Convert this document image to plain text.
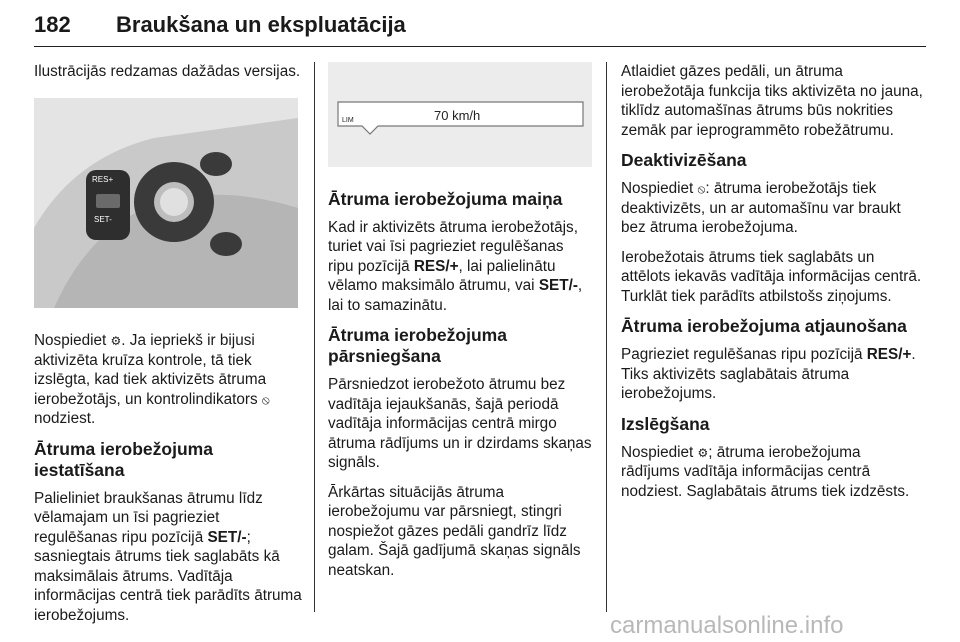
182 Braukšana un ekspluatācija

Ilustrācijās redzamas dažādas versijas.

RES+
SET-

Nospiediet ⚙. Ja iepriekš ir bijusi aktivizēta kruīza kontrole, tā tiek izslēgta, kad tiek aktivizēts ātruma ierobežotājs, un kontrolindikators ⦸ nodziest.

Ātruma ierobežojuma iestatīšana

Palieliniet braukšanas ātrumu līdz vēlamajam un īsi pagrieziet regulēšanas ripu pozīcijā SET/-; sasniegtais ātrums tiek saglabāts kā maksimālais ātrums. Vadītāja informācijas centrā tiek parādīts ātruma ierobežojums.

LIM	70 km/h
Ātruma ierobežojuma maiņa

Kad ir aktivizēts ātruma ierobežotājs, turiet vai īsi pagrieziet regulēšanas ripu pozīcijā RES/+, lai palielinātu vēlamo maksimālo ātrumu, vai SET/-, lai to samazinātu.

Ātruma ierobežojuma pārsniegšana

Pārsniedzot ierobežoto ātrumu bez vadītāja iejaukšanās, šajā periodā vadītāja informācijas centrā mirgo ātruma rādījums un ir dzirdams skaņas signāls.

Ārkārtas situācijās ātruma ierobežojumu var pārsniegt, stingri nospiežot gāzes pedāli gandrīz līdz galam. Šajā gadījumā skaņas signāls neatskan.

Atlaidiet gāzes pedāli, un ātruma ierobežotāja funkcija tiks aktivizēta no jauna, tiklīdz automašīnas ātrums būs nokrities zemāk par ieprogrammēto robežātrumu.

Deaktivizēšana

Nospiediet ⦸: ātruma ierobežotājs tiek deaktivizēts, un ar automašīnu var braukt bez ātruma ierobežojuma.

Ierobežotais ātrums tiek saglabāts un attēlots iekavās vadītāja informācijas centrā. Turklāt tiek parādīts atbilstošs ziņojums.

Ātruma ierobežojuma atjaunošana

Pagrieziet regulēšanas ripu pozīcijā RES/+. Tiks aktivizēts saglabātais ātruma ierobežojums.

Izslēgšana

Nospiediet ⚙; ātruma ierobežojuma rādījums vadītāja informācijas centrā nodziest. Saglabātais ātrums tiek izdzēsts.

carmanualsonline.info
